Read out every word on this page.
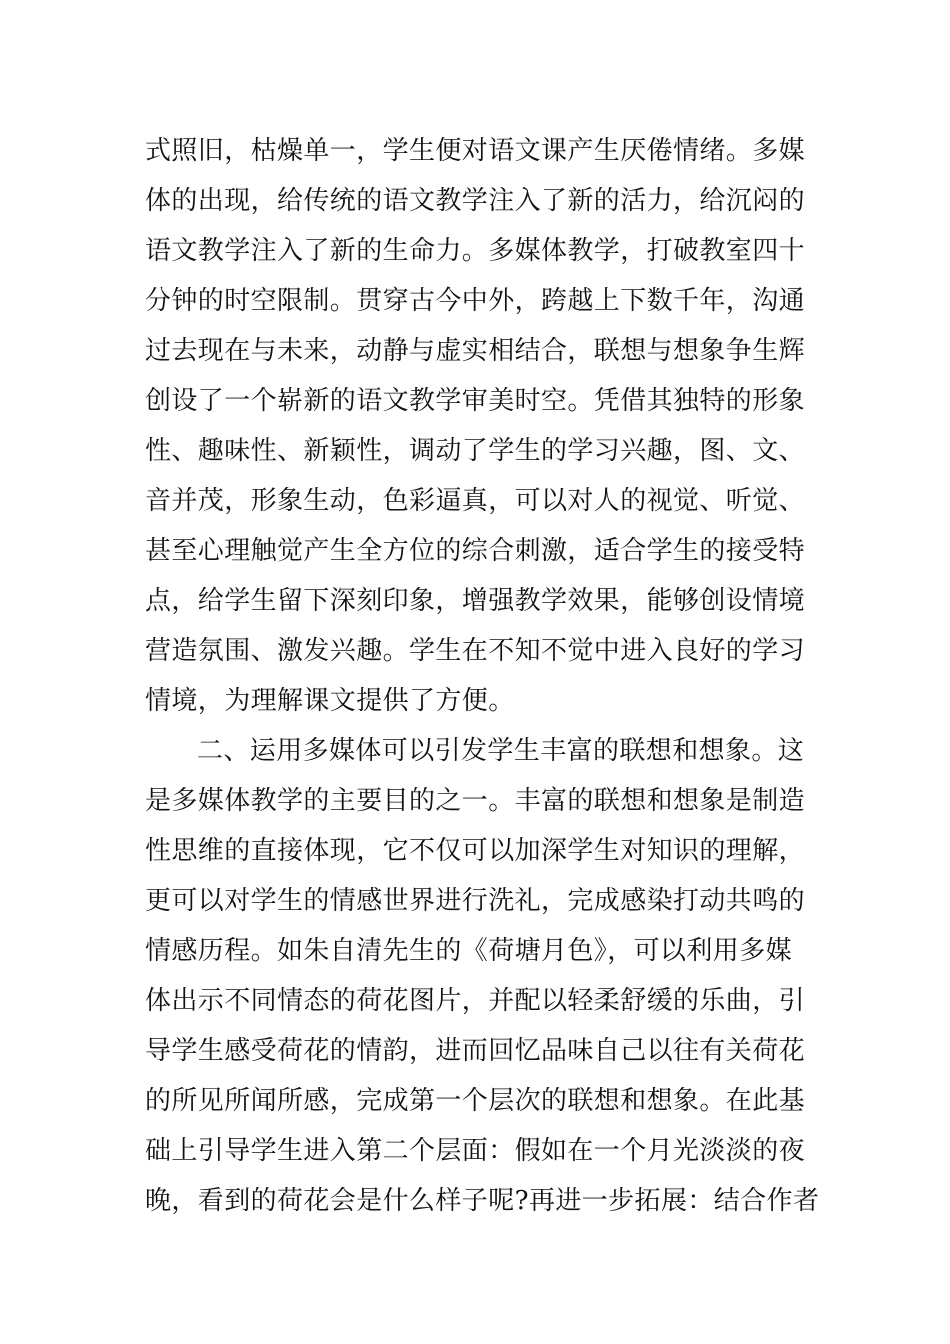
式照旧，枯燥单一，学生便对语文课产生厌倦情绪。多媒
体的出现，给传统的语文教学注入了新的活力，给沉闷的
语文教学注入了新的生命力。多媒体教学，打破教室四十
分钟的时空限制。贯穿古今中外，跨越上下数千年，沟通
过去现在与未来，动静与虚实相结合，联想与想象争生辉
创设了一个崭新的语文教学审美时空。凭借其独特的形象
性、趣味性、新颖性，调动了学生的学习兴趣，图、文、
音并茂，形象生动，色彩逼真，可以对人的视觉、听觉、
甚至心理触觉产生全方位的综合刺激，适合学生的接受特
点，给学生留下深刻印象，增强教学效果，能够创设情境
营造氛围、激发兴趣。学生在不知不觉中进入良好的学习
情境，为理解课文提供了方便。
二、运用多媒体可以引发学生丰富的联想和想象。这
是多媒体教学的主要目的之一。丰富的联想和想象是制造
性思维的直接体现，它不仅可以加深学生对知识的理解，
更可以对学生的情感世界进行洗礼，完成感染打动共鸣的
情感历程。如朱自清先生的《荷塘月色》，可以利用多媒
体出示不同情态的荷花图片，并配以轻柔舒缓的乐曲，引
导学生感受荷花的情韵，进而回忆品味自己以往有关荷花
的所见所闻所感，完成第一个层次的联想和想象。在此基
础上引导学生进入第二个层面：假如在一个月光淡淡的夜
晚，看到的荷花会是什么样子呢?再进一步拓展：结合作者
